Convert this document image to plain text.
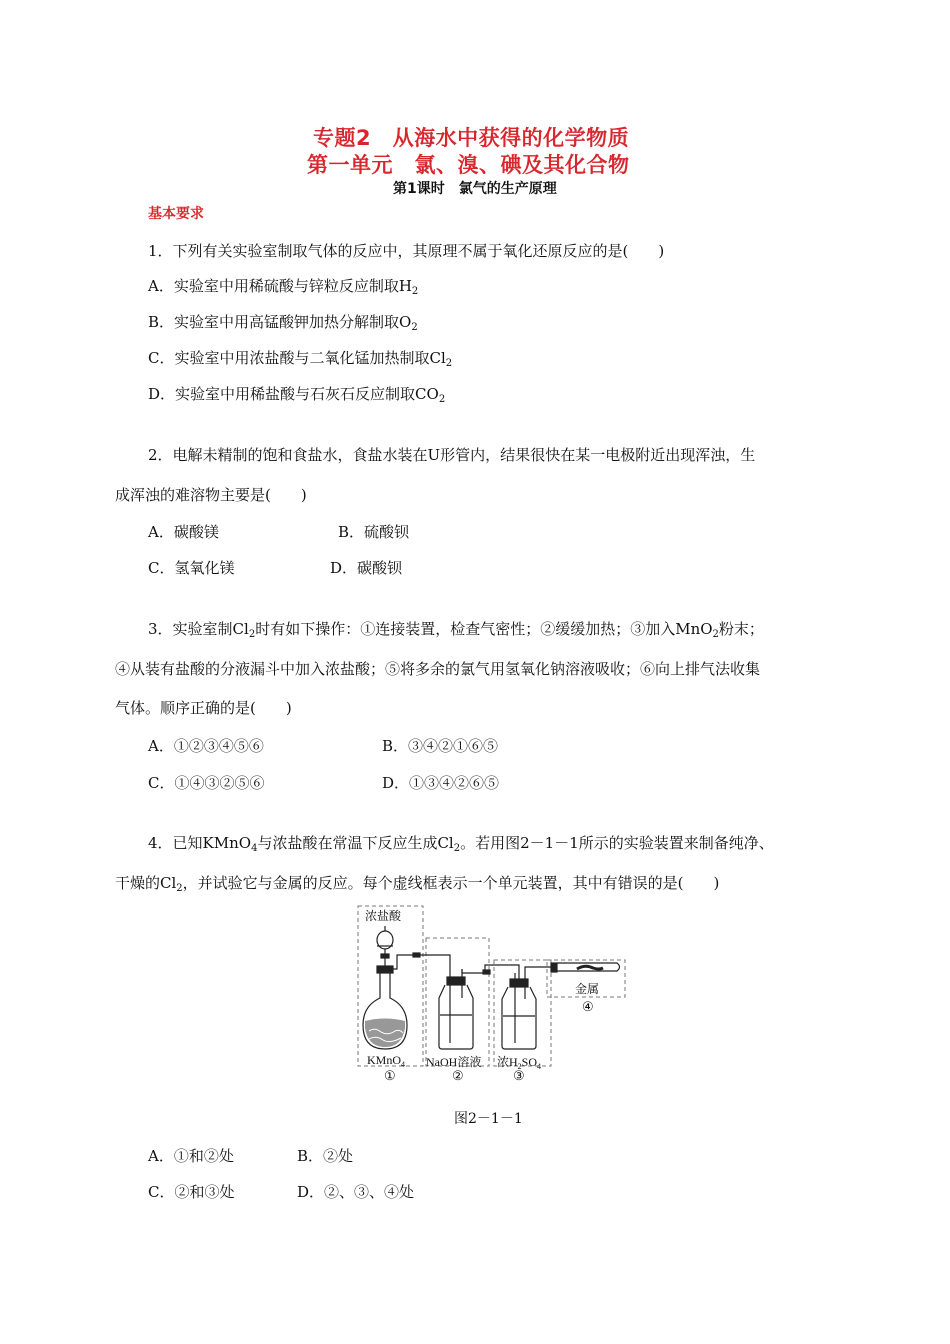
专题2　从海水中获得的化学物质
第一单元　氯、溴、碘及其化合物
第1课时　氯气的生产原理
基本要求
1．下列有关实验室制取气体的反应中，其原理不属于氧化还原反应的是(　　)
A．实验室中用稀硫酸与锌粒反应制取$H_2$
B．实验室中用高锰酸钾加热分解制取$O_2$
C．实验室中用浓盐酸与二氧化锰加热制取$Cl_2$
D．实验室中用稀盐酸与石灰石反应制取$CO_2$
2．电解未精制的饱和食盐水，食盐水装在U形管内，结果很快在某一电极附近出现浑浊，生
成浑浊的难溶物主要是(　　)
A．碳酸镁	B．硫酸钡
C．氢氧化镁	D．碳酸钡
3．实验室制$Cl_2$时有如下操作：①连接装置，检查气密性；②缓缓加热；③加入MnO$_2$粉末；
④从装有盐酸的分液漏斗中加入浓盐酸；⑤将多余的氯气用氢氧化钠溶液吸收；⑥向上排气法收集
气体。顺序正确的是(　　)
A．①②③④⑤⑥	B．③④②①⑥⑤
C．①④③②⑤⑥	D．①③④②⑥⑤
4．已知KMnO$_4$与浓盐酸在常温下反应生成$Cl_2$。若用图2－1－1所示的实验装置来制备纯净、
干燥的$Cl_2$，并试验它与金属的反应。每个虚线框表示一个单元装置，其中有错误的是(　　)
浓盐酸
KMnO$_4$ NaOH溶液 浓$H_2SO_4$
金属
①	②	③
④
图2－1－1
A．①和②处	B．②处
C．②和③处	D．②、③、④处
